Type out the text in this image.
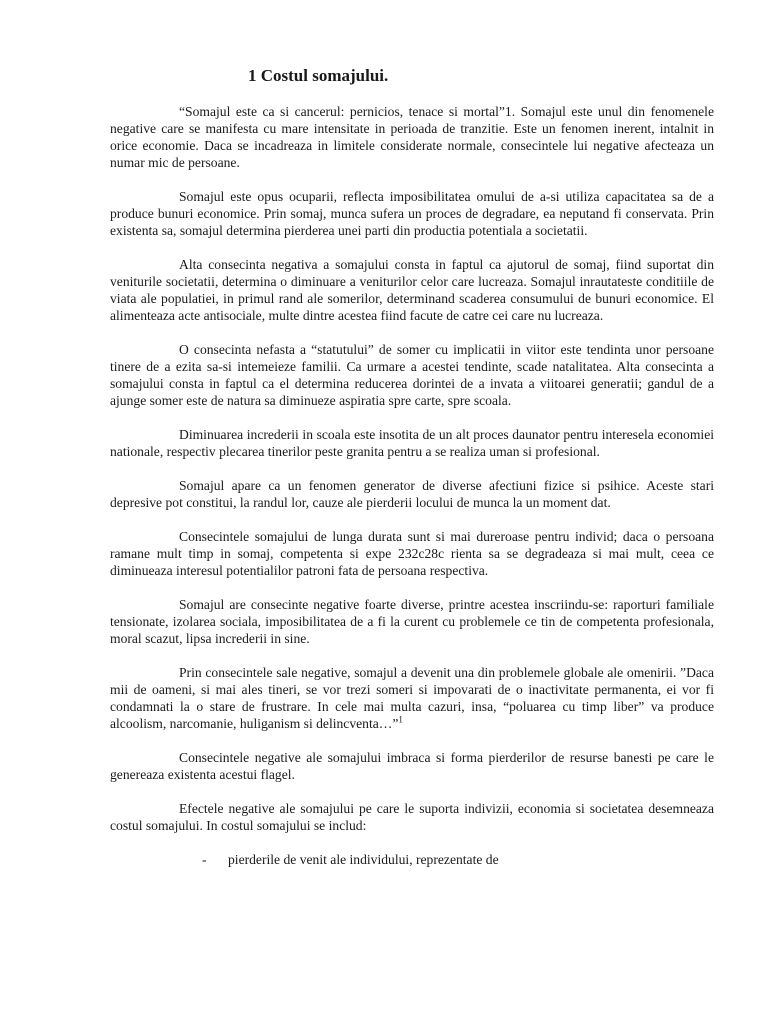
1 Costul somajului.

“Somajul este ca si cancerul: pernicios, tenace si mortal”1. Somajul este unul din fenomenele negative care se manifesta cu mare intensitate in perioada de tranzitie. Este un fenomen inerent, intalnit in orice economie. Daca se incadreaza in limitele considerate normale, consecintele lui negative afecteaza un numar mic de persoane.

Somajul este opus ocuparii, reflecta imposibilitatea omului de a-si utiliza capacitatea sa de a produce bunuri economice. Prin somaj, munca sufera un proces de degradare, ea neputand fi conservata. Prin existenta sa, somajul determina pierderea unei parti din productia potentiala a societatii.

Alta consecinta negativa a somajului consta in faptul ca ajutorul de somaj, fiind suportat din veniturile societatii, determina o diminuare a veniturilor celor care lucreaza. Somajul inrautateste conditiile de viata ale populatiei, in primul rand ale somerilor, determinand scaderea consumului de bunuri economice. El alimenteaza acte antisociale, multe dintre acestea fiind facute de catre cei care nu lucreaza.

O consecinta nefasta a “statutului” de somer cu implicatii in viitor este tendinta unor persoane tinere de a ezita sa-si intemeieze familii. Ca urmare a acestei tendinte, scade natalitatea. Alta consecinta a somajului consta in faptul ca el determina reducerea dorintei de a invata a viitoarei generatii; gandul de a ajunge somer este de natura sa diminueze aspiratia spre carte, spre scoala.

Diminuarea increderii in scoala este insotita de un alt proces daunator pentru interesela economiei nationale, respectiv plecarea tinerilor peste granita pentru a se realiza uman si profesional.

Somajul apare ca un fenomen generator de diverse afectiuni fizice si psihice. Aceste stari depresive pot constitui, la randul lor, cauze ale pierderii locului de munca la un moment dat.

Consecintele somajului de lunga durata sunt si mai dureroase pentru individ; daca o persoana ramane mult timp in somaj, competenta si expe 232c28c rienta sa se degradeaza si mai mult, ceea ce diminueaza interesul potentialilor patroni fata de persoana respectiva.

Somajul are consecinte negative foarte diverse, printre acestea inscriindu-se: raporturi familiale tensionate, izolarea sociala, imposibilitatea de a fi la curent cu problemele ce tin de competenta profesionala, moral scazut, lipsa increderii in sine.

Prin consecintele sale negative, somajul a devenit una din problemele globale ale omenirii. ”Daca mii de oameni, si mai ales tineri, se vor trezi someri si impovarati de o inactivitate permanenta, ei vor fi condamnati la o stare de frustrare. In cele mai multa cazuri, insa, “poluarea cu timp liber” va produce alcoolism, narcomanie, huliganism si delincventa…”$^1$

Consecintele negative ale somajului imbraca si forma pierderilor de resurse banesti pe care le genereaza existenta acestui flagel.

Efectele negative ale somajului pe care le suporta indivizii, economia si societatea desemneaza costul somajului. In costul somajului se includ:

-	pierderile de venit ale individului, reprezentate de
